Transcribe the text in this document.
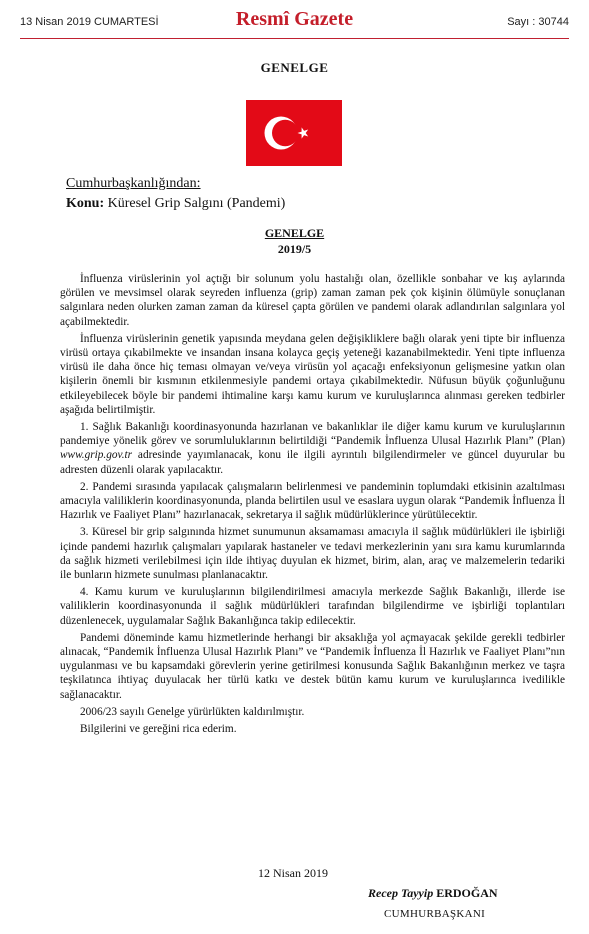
13 Nisan 2019 CUMARTESİ	Resmî Gazete	Sayı : 30744
GENELGE
Cumhurbaşkanlığından:
Konu: Küresel Grip Salgını (Pandemi)
GENELGE
2019/5

İnfluenza virüslerinin yol açtığı bir solunum yolu hastalığı olan, özellikle sonbahar ve kış aylarında görülen ve mevsimsel olarak seyreden influenza (grip) zaman zaman pek çok kişinin ölümüyle sonuçlanan salgınlara neden olurken zaman zaman da küresel çapta görülen ve pandemi olarak adlandırılan salgınlara yol açabilmektedir.

İnfluenza virüslerinin genetik yapısında meydana gelen değişikliklere bağlı olarak yeni tipte bir influenza virüsü ortaya çıkabilmekte ve insandan insana kolayca geçiş yeteneği kazanabilmektedir. Yeni tipte influenza virüsü ile daha önce hiç teması olmayan ve/veya virüsün yol açacağı enfeksiyonun gelişmesine yatkın olan kişilerin önemli bir kısmının etkilenmesiyle pandemi ortaya çıkabilmektedir. Nüfusun büyük çoğunluğunu etkileyebilecek böyle bir pandemi ihtimaline karşı kamu kurum ve kuruluşlarınca alınması gereken tedbirler aşağıda belirtilmiştir.

1. Sağlık Bakanlığı koordinasyonunda hazırlanan ve bakanlıklar ile diğer kamu kurum ve kuruluşlarının pandemiye yönelik görev ve sorumluluklarının belirtildiği “Pandemik İnfluenza Ulusal Hazırlık Planı” (Plan) www.grip.gov.tr adresinde yayımlanacak, konu ile ilgili ayrıntılı bilgilendirmeler ve güncel duyurular bu adresten düzenli olarak yapılacaktır.

2. Pandemi sırasında yapılacak çalışmaların belirlenmesi ve pandeminin toplumdaki etkisinin azaltılması amacıyla valiliklerin koordinasyonunda, planda belirtilen usul ve esaslara uygun olarak “Pandemik İnfluenza İl Hazırlık ve Faaliyet Planı” hazırlanacak, sekretarya il sağlık müdürlüklerince yürütülecektir.

3. Küresel bir grip salgınında hizmet sunumunun aksamaması amacıyla il sağlık müdürlükleri ile işbirliği içinde pandemi hazırlık çalışmaları yapılarak hastaneler ve tedavi merkezlerinin yanı sıra kamu kurumlarında da sağlık hizmeti verilebilmesi için ilde ihtiyaç duyulan ek hizmet, birim, alan, araç ve malzemelerin tedariki ile bunların hizmete sunulması planlanacaktır.

4. Kamu kurum ve kuruluşlarının bilgilendirilmesi amacıyla merkezde Sağlık Bakanlığı, illerde ise valiliklerin koordinasyonunda il sağlık müdürlükleri tarafından bilgilendirme ve işbirliği toplantıları düzenlenecek, uygulamalar Sağlık Bakanlığınca takip edilecektir.

Pandemi döneminde kamu hizmetlerinde herhangi bir aksaklığa yol açmayacak şekilde gerekli tedbirler alınacak, “Pandemik İnfluenza Ulusal Hazırlık Planı” ve “Pandemik İnfluenza İl Hazırlık ve Faaliyet Planı”nın uygulanması ve bu kapsamdaki görevlerin yerine getirilmesi konusunda Sağlık Bakanlığının merkez ve taşra teşkilatınca ihtiyaç duyulacak her türlü katkı ve destek bütün kamu kurum ve kuruluşlarınca ivedilikle sağlanacaktır.

2006/23 sayılı Genelge yürürlükten kaldırılmıştır.

Bilgilerini ve gereğini rica ederim.

12 Nisan 2019
Recep Tayyip ERDOĞAN
CUMHURBAŞKANI
